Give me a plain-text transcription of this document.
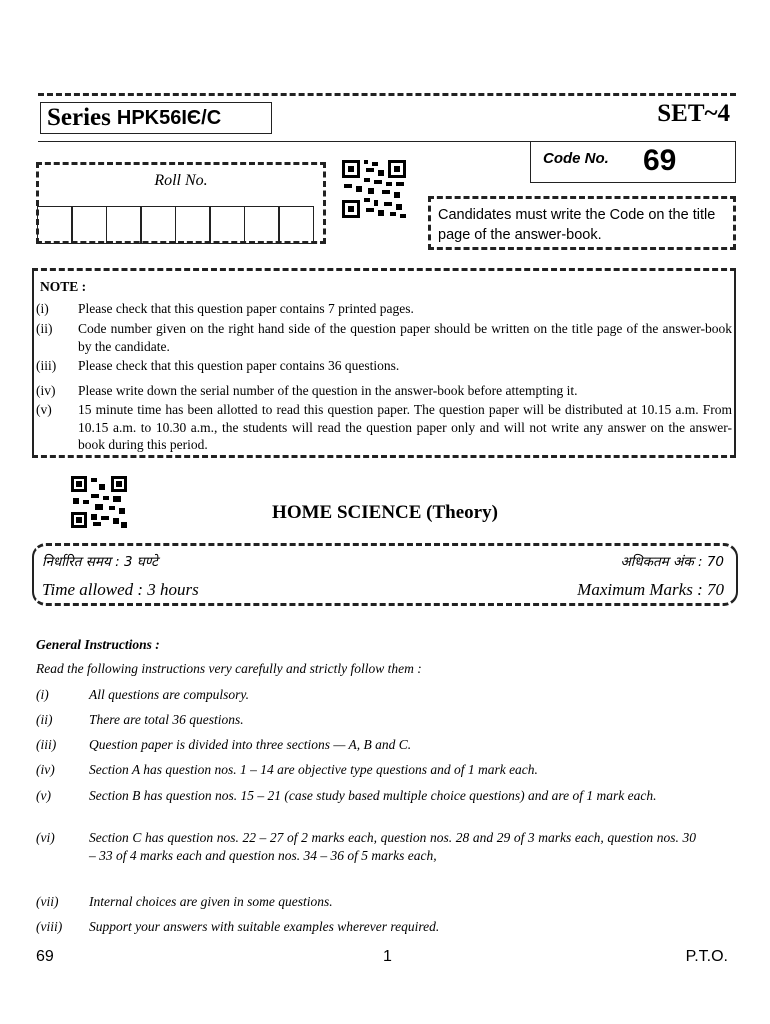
Series HPK56IЄ/C	SET~4
Code No. 69
Roll No.
Candidates must write the Code on the title page of the answer-book.
NOTE :
(i)	Please check that this question paper contains 7 printed pages.
(ii)	Code number given on the right hand side of the question paper should be written on the title page of the answer-book by the candidate.
(iii)	Please check that this question paper contains 36 questions.
(iv)	Please write down the serial number of the question in the answer-book before attempting it.
(v)	15 minute time has been allotted to read this question paper. The question paper will be distributed at 10.15 a.m. From 10.15 a.m. to 10.30 a.m., the students will read the question paper only and will not write any answer on the answer-book during this period.
HOME SCIENCE (Theory)
निर्धारित समय : 3 घण्टे	अधिकतम अंक : 70
Time allowed : 3 hours	Maximum Marks : 70
General Instructions :
Read the following instructions very carefully and strictly follow them :
(i)	All questions are compulsory.
(ii)	There are total 36 questions.
(iii)	Question paper is divided into three sections — A, B and C.
(iv)	Section A has question nos. 1 – 14 are objective type questions and of 1 mark each.
(v)	Section B has question nos. 15 – 21 (case study based multiple choice questions) and are of 1 mark each.
(vi)	Section C has question nos. 22 – 27 of 2 marks each, question nos. 28 and 29 of 3 marks each, question nos. 30 – 33 of 4 marks each and question nos. 34 – 36 of 5 marks each,
(vii)	Internal choices are given in some questions.
(viii)	Support your answers with suitable examples wherever required.
69	1	P.T.O.
